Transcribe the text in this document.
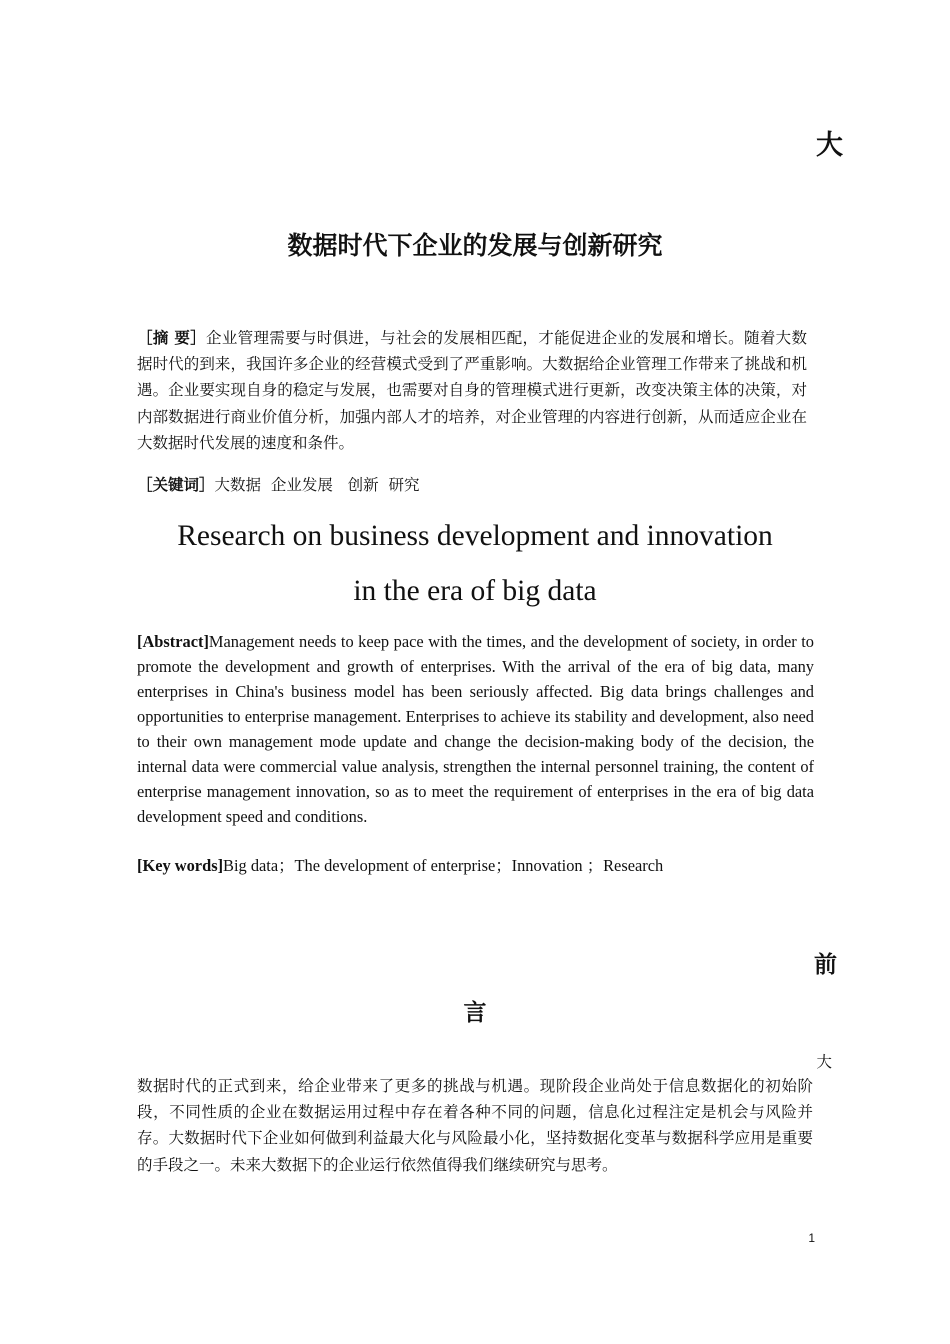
大
数据时代下企业的发展与创新研究

［摘 要］企业管理需要与时俱进，与社会的发展相匹配，才能促进企业的发展和增长。随着大数据时代的到来，我国许多企业的经营模式受到了严重影响。大数据给企业管理工作带来了挑战和机遇。企业要实现自身的稳定与发展，也需要对自身的管理模式进行更新，改变决策主体的决策，对内部数据进行商业价值分析，加强内部人才的培养，对企业管理的内容进行创新，从而适应企业在大数据时代发展的速度和条件。

［关键词］大数据  企业发展   创新  研究

Research on business development and innovation
in the era of big data

[Abstract]Management needs to keep pace with the times, and the development of society, in order to promote the development and growth of enterprises. With the arrival of the era of big data, many enterprises in China's business model has been seriously affected. Big data brings challenges and opportunities to enterprise management. Enterprises to achieve its stability and development, also need to their own management mode update and change the decision-making body of the decision, the internal data were commercial value analysis, strengthen the internal personnel training, the content of enterprise management innovation, so as to meet the requirement of enterprises in the era of big data development speed and conditions.

[Key words]Big data；The development of enterprise；Innovation ；Research

前
言
大

数据时代的正式到来，给企业带来了更多的挑战与机遇。现阶段企业尚处于信息数据化的初始阶段，不同性质的企业在数据运用过程中存在着各种不同的问题，信息化过程注定是机会与风险并存。大数据时代下企业如何做到利益最大化与风险最小化，坚持数据化变革与数据科学应用是重要的手段之一。未来大数据下的企业运行依然值得我们继续研究与思考。

1
